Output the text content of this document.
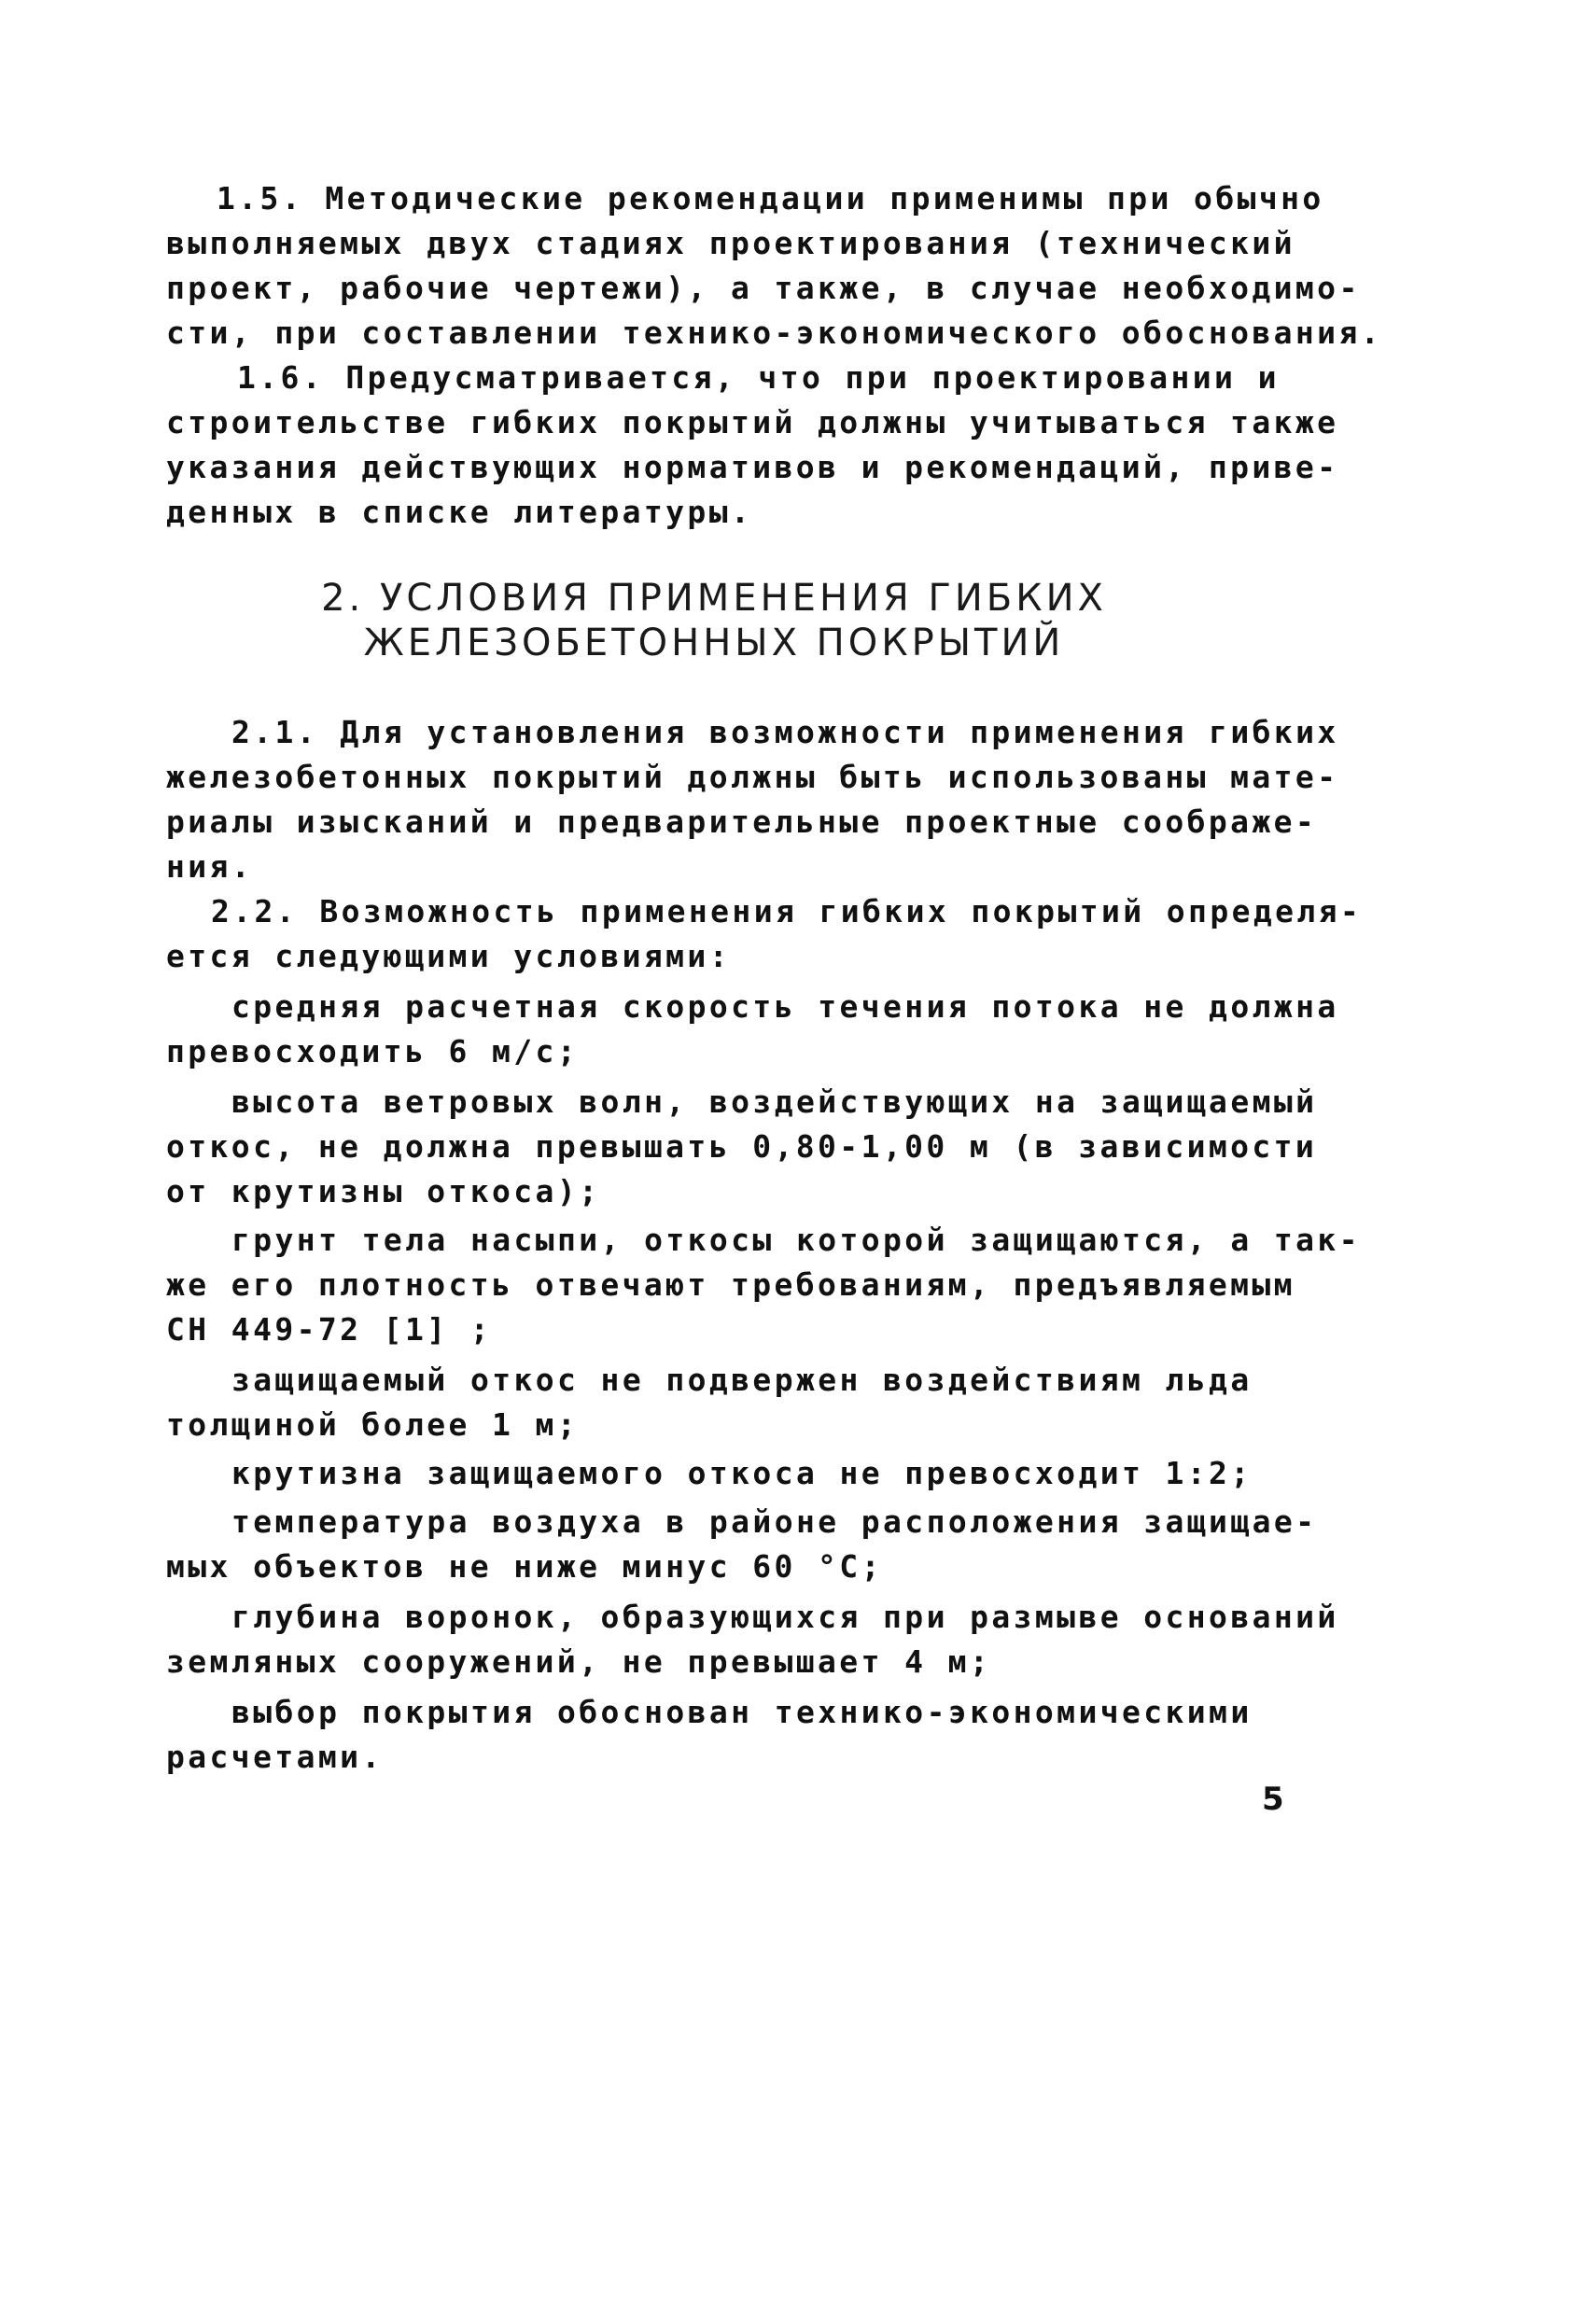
1.5. Методические рекомендации применимы при обычно
выполняемых двух стадиях проектирования (технический
проект, рабочие чертежи), а также, в случае необходимо-
сти, при составлении технико-экономического обоснования.
1.6. Предусматривается, что при проектировании и
строительстве гибких покрытий должны учитываться также
указания действующих нормативов и рекомендаций, приве-
денных в списке литературы.
2. УСЛОВИЯ ПРИМЕНЕНИЯ ГИБКИХ
ЖЕЛЕЗОБЕТОННЫХ ПОКРЫТИЙ
2.1. Для установления возможности применения гибких
железобетонных покрытий должны быть использованы мате-
риалы изысканий и предварительные проектные соображе-
ния.
2.2. Возможность применения гибких покрытий определя-
ется следующими условиями:
средняя расчетная скорость течения потока не должна
превосходить 6 м/с;
высота ветровых волн, воздействующих на защищаемый
откос, не должна превышать 0,80-1,00 м (в зависимости
от крутизны откоса);
грунт тела насыпи, откосы которой защищаются, а так-
же его плотность отвечают требованиям, предъявляемым
СН 449-72 [1] ;
защищаемый откос не подвержен воздействиям льда
толщиной более 1 м;
крутизна защищаемого откоса не превосходит 1:2;
температура воздуха в районе расположения защищае-
мых объектов не ниже минус 60 °С;
глубина воронок, образующихся при размыве оснований
земляных сооружений, не превышает 4 м;
выбор покрытия обоснован технико-экономическими
расчетами.
5
